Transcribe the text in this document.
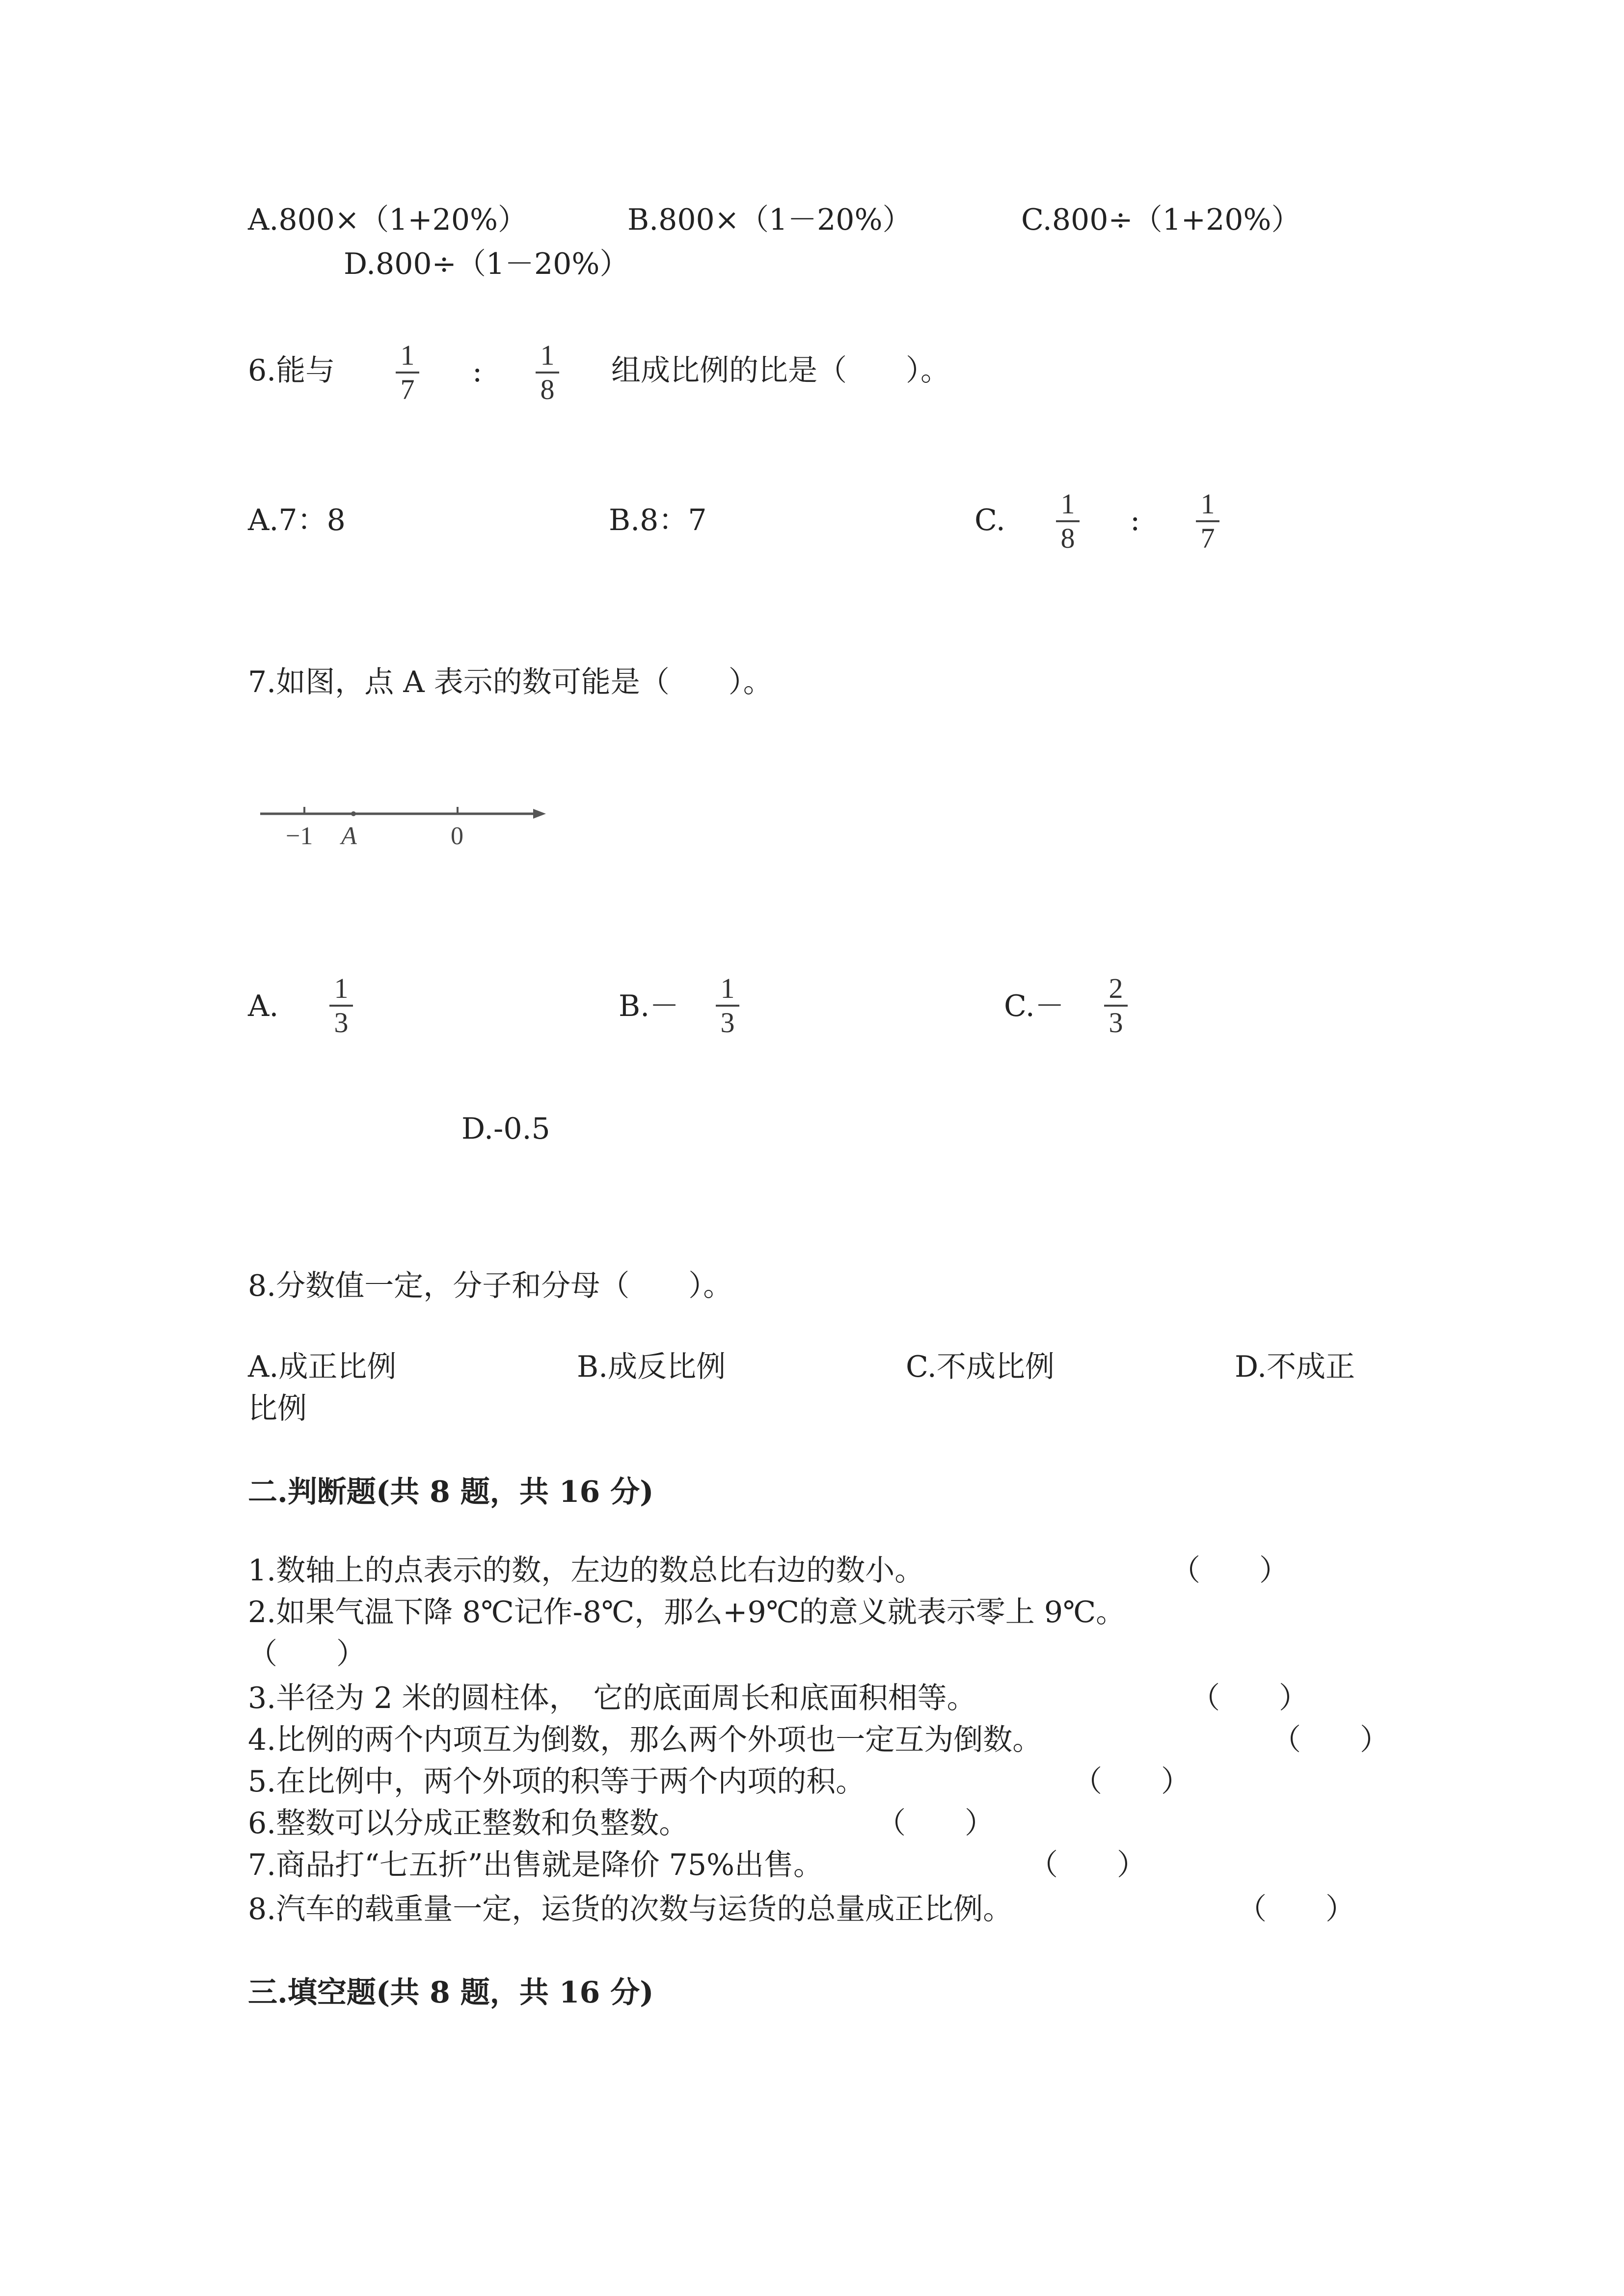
A.800×（1+20%）	B.800×（1－20%）	C.800÷（1+20%）
D.800÷（1－20%）
6.能与 1
7
: 1
8
组成比例的比是（　　）。
A.7：8	B.8：7	C. 1
8
: 1
7
7.如图，点 A 表示的数可能是（　　）。
−1 A	0
A.
1
3	B.－
1
3	C.－
2
3
D.-0.5
8.分数值一定，分子和分母（　　）。
A.成正比例	B.成反比例	C.不成比例	D.不成正
比例
二.判断题(共 8 题，共 16 分)
1.数轴上的点表示的数，左边的数总比右边的数小。	（　　）
2.如果气温下降 8℃记作-8℃，那么+9℃的意义就表示零上 9℃。
（　　）
3.半径为 2 米的圆柱体，　它的底面周长和底面积相等。	（　　）
4.比例的两个内项互为倒数，那么两个外项也一定互为倒数。	（　　）
5.在比例中，两个外项的积等于两个内项的积。	（　　）
6.整数可以分成正整数和负整数。	（　　）
7.商品打“七五折”出售就是降价 75%出售。	（　　）
8.汽车的载重量一定，运货的次数与运货的总量成正比例。	（　　）
三.填空题(共 8 题，共 16 分)
